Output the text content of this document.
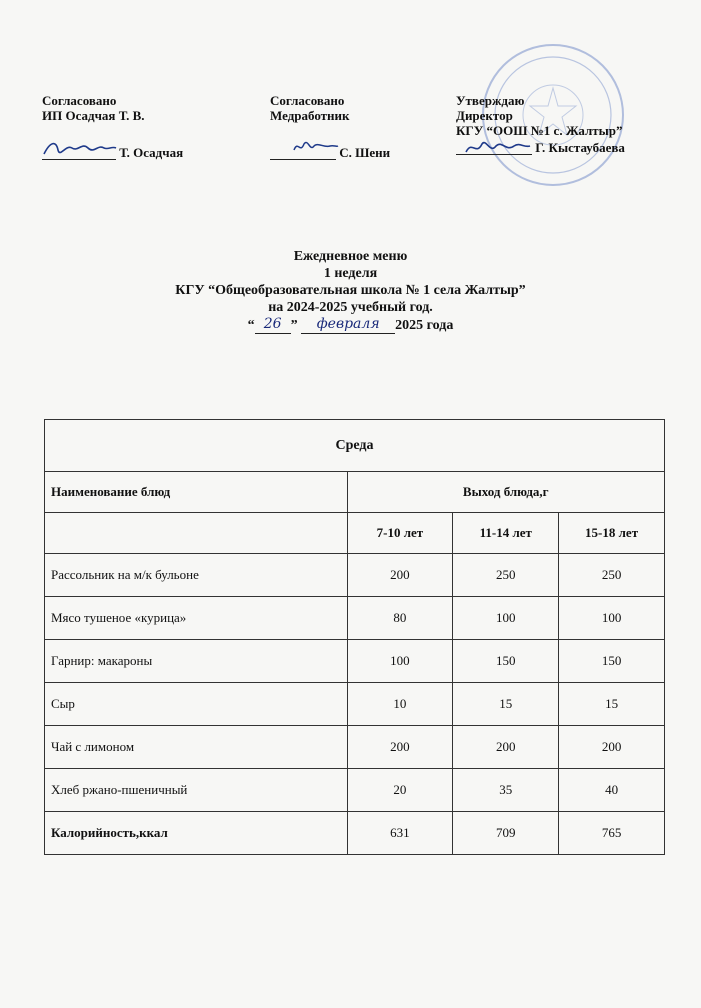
Согласовано
ИП Осадчая Т. В.
Т. Осадчая
Согласовано
Медработник
С. Шени
Утверждаю
Директор
КГУ “ООШ №1 с. Жалтыр”
Г. Кыстаубаева
Ежедневное меню
1 неделя
КГУ “Общеобразовательная школа № 1 села Жалтыр”
на 2024-2025 учебный год.
“ 26 ” февраля 2025 года
Среда			
Наименование блюд	Выход блюда,г		
	7-10 лет	11-14 лет	15-18 лет
Рассольник на м/к бульоне	200	250	250
Мясо тушеное «курица»	80	100	100
Гарнир: макароны	100	150	150
Сыр	10	15	15
Чай с лимоном	200	200	200
Хлеб ржано-пшеничный	20	35	40
Калорийность,ккал	631	709	765
